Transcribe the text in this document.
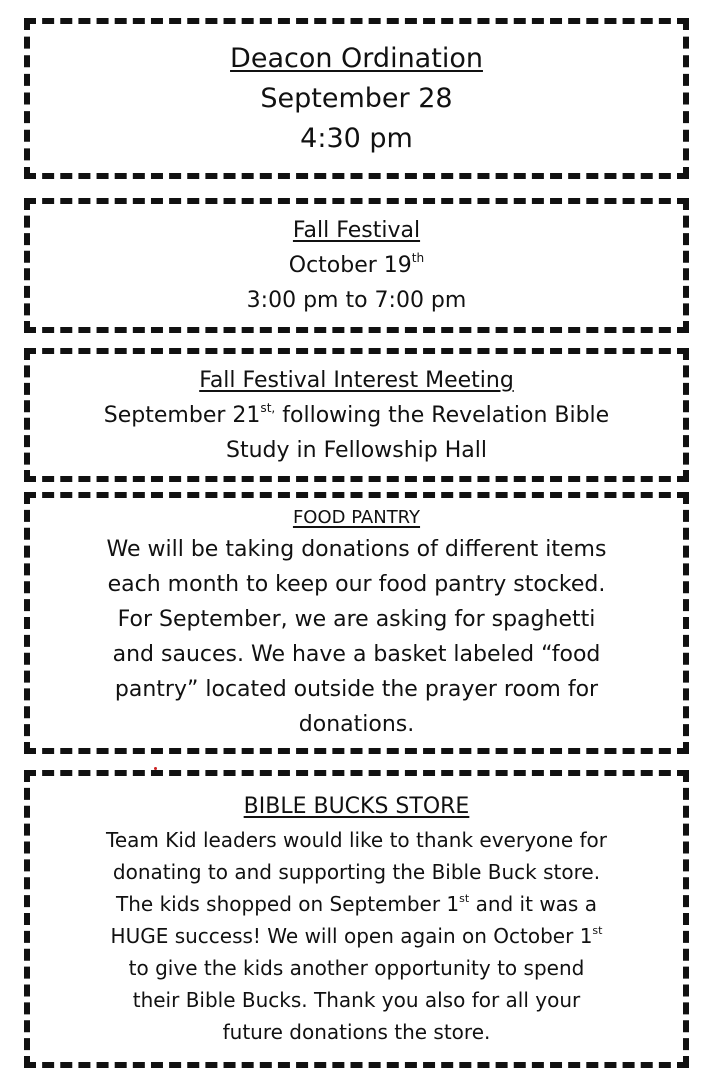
Deacon Ordination

September 28

4:30 pm

Fall Festival

October 19th

3:00 pm to 7:00 pm

Fall Festival Interest Meeting

September $21^{st,}$ following the Revelation Bible

Study in Fellowship Hall

FOOD PANTRY

We will be taking donations of different items

each month to keep our food pantry stocked.

For September, we are asking for spaghetti

and sauces. We have a basket labeled “food

pantry” located outside the prayer room for

donations.

BIBLE BUCKS STORE

Team Kid leaders would like to thank everyone for

donating to and supporting the Bible Buck store.

The kids shopped on September 1st and it was a

HUGE success! We will open again on October 1st

to give the kids another opportunity to spend

their Bible Bucks. Thank you also for all your

future donations the store.
